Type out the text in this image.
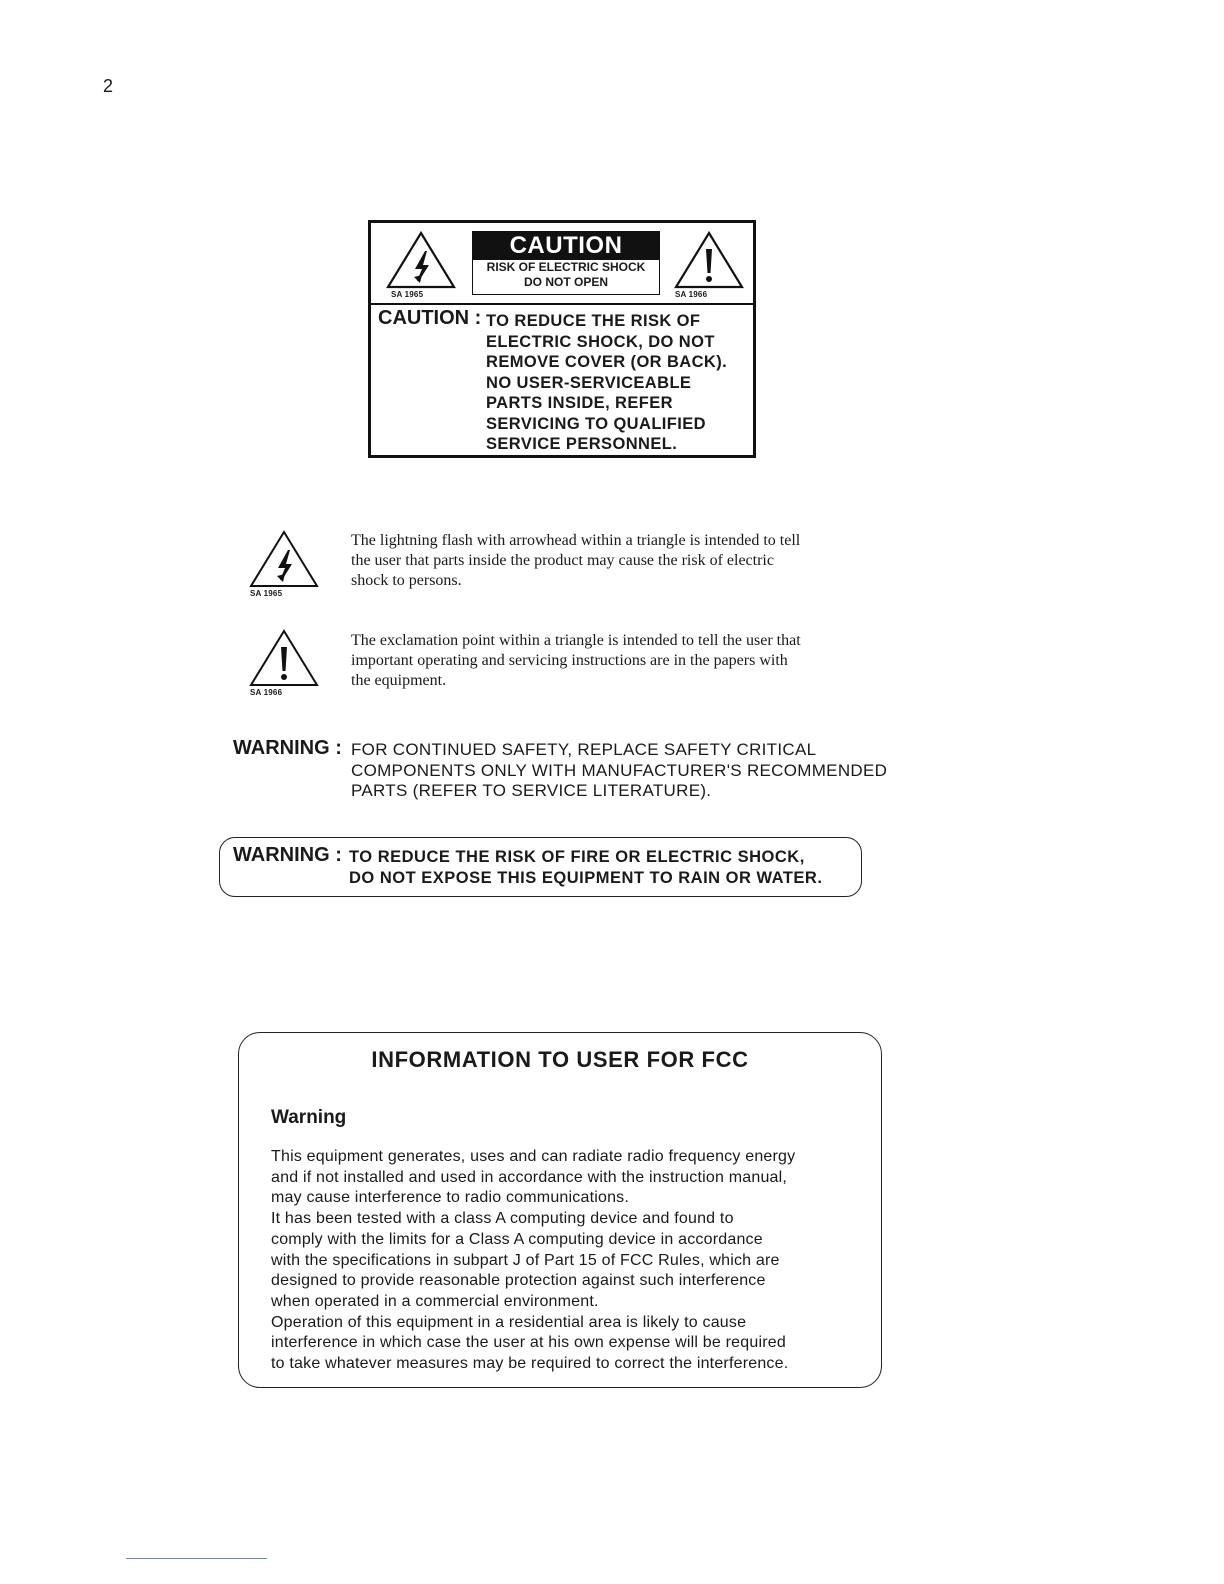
2
SA 1965
CAUTION
RISK OF ELECTRIC SHOCK
DO NOT OPEN
SA 1966
CAUTION : TO REDUCE THE RISK OF
ELECTRIC SHOCK, DO NOT
REMOVE COVER (OR BACK).
NO USER-SERVICEABLE
PARTS INSIDE, REFER
SERVICING TO QUALIFIED
SERVICE PERSONNEL.
SA 1965
The lightning flash with arrowhead within a triangle is intended to tell
the user that parts inside the product may cause the risk of electric
shock to persons.
SA 1966
The exclamation point within a triangle is intended to tell the user that
important operating and servicing instructions are in the papers with
the equipment.
WARNING : FOR CONTINUED SAFETY, REPLACE SAFETY CRITICAL
COMPONENTS ONLY WITH MANUFACTURER'S RECOMMENDED
PARTS (REFER TO SERVICE LITERATURE).
WARNING : TO REDUCE THE RISK OF FIRE OR ELECTRIC SHOCK,
DO NOT EXPOSE THIS EQUIPMENT TO RAIN OR WATER.
INFORMATION TO USER FOR FCC
Warning
This equipment generates, uses and can radiate radio frequency energy
and if not installed and used in accordance with the instruction manual,
may cause interference to radio communications.
It has been tested with a class A computing device and found to
comply with the limits for a Class A computing device in accordance
with the specifications in subpart J of Part 15 of FCC Rules, which are
designed to provide reasonable protection against such interference
when operated in a commercial environment.
Operation of this equipment in a residential area is likely to cause
interference in which case the user at his own expense will be required
to take whatever measures may be required to correct the interference.
